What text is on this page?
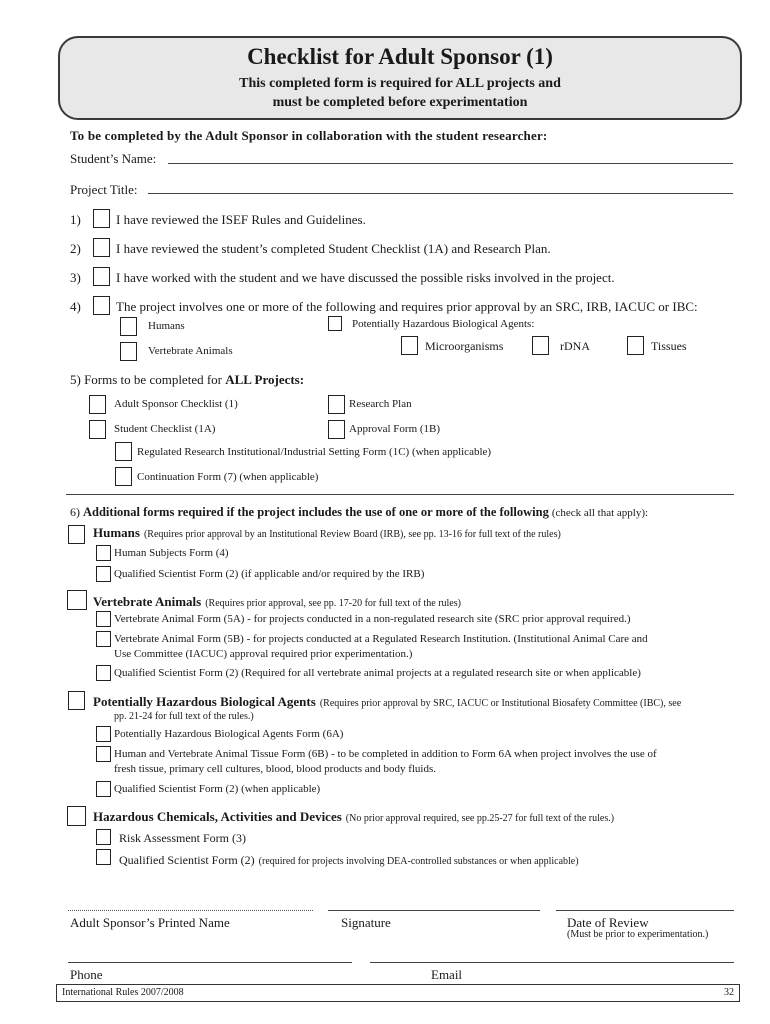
Checklist for Adult Sponsor (1)
This completed form is required for ALL projects and
must be completed before experimentation
To be completed by the Adult Sponsor in collaboration with the student researcher:
Student’s Name:
Project Title:
1)	I have reviewed the ISEF Rules and Guidelines.
2)	I have reviewed the student’s completed Student Checklist (1A) and Research Plan.
3)	I have worked with the student and we have discussed the possible risks involved in the project.
4)	The project involves one or more of the following and requires prior approval by an SRC, IRB, IACUC or IBC:
Humans
Vertebrate Animals
Potentially Hazardous Biological Agents:
Microorganisms	rDNA	Tissues
5) Forms to be completed for ALL Projects:
Adult Sponsor Checklist (1)	Research Plan
Student Checklist (1A)	Approval Form (1B)
Regulated Research Institutional/Industrial Setting Form (1C) (when applicable)
Continuation Form (7) (when applicable)
6) Additional forms required if the project includes the use of one or more of the following (check all that apply):
Humans (Requires prior approval by an Institutional Review Board (IRB), see pp. 13-16 for full text of the rules)
Human Subjects Form (4)
Qualified Scientist Form (2) (if applicable and/or required by the IRB)
Vertebrate Animals (Requires prior approval, see pp. 17-20 for full text of the rules)
Vertebrate Animal Form (5A) - for projects conducted in a non-regulated research site (SRC prior approval required.)
Vertebrate Animal Form (5B) - for projects conducted at a Regulated Research Institution. (Institutional Animal Care and
Use Committee (IACUC) approval required prior experimentation.)
Qualified Scientist Form (2) (Required for all vertebrate animal projects at a regulated research site or when applicable)
Potentially Hazardous Biological Agents (Requires prior approval by SRC, IACUC or Institutional Biosafety Committee (IBC), see
pp. 21-24 for full text of the rules.)
Potentially Hazardous Biological Agents Form (6A)
Human and Vertebrate Animal Tissue Form (6B) - to be completed in addition to Form 6A when project involves the use of
fresh tissue, primary cell cultures, blood, blood products and body fluids.
Qualified Scientist Form (2) (when applicable)
Hazardous Chemicals, Activities and Devices (No prior approval required, see pp.25-27 for full text of the rules.)
Risk Assessment Form (3)
Qualified Scientist Form (2) (required for projects involving DEA-controlled substances or when applicable)
Adult Sponsor’s Printed Name	Signature	Date of Review
(Must be prior to experimentation.)
Phone	Email
International Rules 2007/2008	32
